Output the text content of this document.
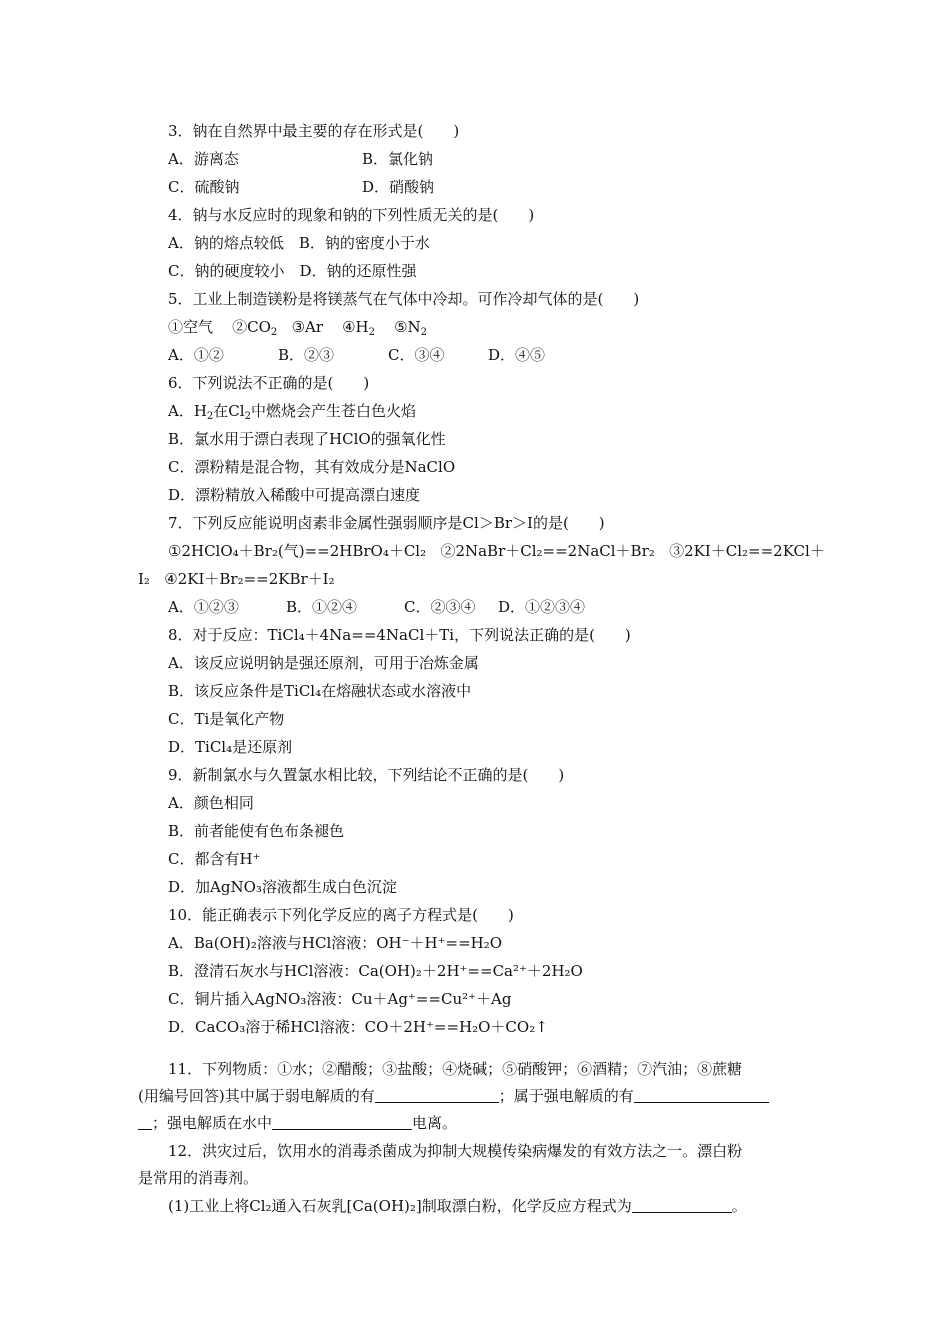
3．钠在自然界中最主要的存在形式是(　　)
A．游离态	B．氯化钠
C．硫酸钠	D．硝酸钠
4．钠与水反应时的现象和钠的下列性质无关的是(　　)
A．钠的熔点较低　B．钠的密度小于水
C．钠的硬度较小　D．钠的还原性强
5．工业上制造镁粉是将镁蒸气在气体中冷却。可作冷却气体的是(　　)
①空气 $②CO_2$ ③Ar $④H_2$ $⑤N_2$
A．①②	B．②③	C．③④	D．④⑤
6．下列说法不正确的是(　　)
A．$H_2$在$Cl_2$中燃烧会产生苍白色火焰
B．氯水用于漂白表现了HClO的强氧化性
C．漂粉精是混合物，其有效成分是NaClO
D．漂粉精放入稀酸中可提高漂白速度
7．下列反应能说明卤素非金属性强弱顺序是Cl＞Br＞I的是(　　)
①2HClO₄＋Br₂(气)==2HBrO₄＋Cl₂ ②2NaBr＋Cl₂==2NaCl＋Br₂ ③2KI＋Cl₂==2KCl＋
I₂ ④2KI＋Br₂==2KBr＋I₂
A．①②③	B．①②④	C．②③④ D．①②③④
8．对于反应：TiCl₄＋4Na==4NaCl＋Ti，下列说法正确的是(　　)
A．该反应说明钠是强还原剂，可用于冶炼金属
B．该反应条件是TiCl₄在熔融状态或水溶液中
C．Ti是氧化产物
D．TiCl₄是还原剂
9．新制氯水与久置氯水相比较，下列结论不正确的是(　　)
A．颜色相同
B．前者能使有色布条褪色
C．都含有H⁺
D．加AgNO₃溶液都生成白色沉淀
10．能正确表示下列化学反应的离子方程式是(　　)
A．Ba(OH)₂溶液与HCl溶液：OH⁻＋H⁺==H₂O
B．澄清石灰水与HCl溶液：Ca(OH)₂＋2H⁺==Ca²⁺＋2H₂O
C．铜片插入AgNO₃溶液：Cu＋Ag⁺==Cu²⁺＋Ag
D．CaCO₃溶于稀HCl溶液：CO＋2H⁺==H₂O＋CO₂↑
11．下列物质：①水；②醋酸；③盐酸；④烧碱；⑤硝酸钾；⑥酒精；⑦汽油；⑧蔗糖
(用编号回答)其中属于弱电解质的有	；属于强电解质的有
；强电解质在水中	电离。
12．洪灾过后，饮用水的消毒杀菌成为抑制大规模传染病爆发的有效方法之一。漂白粉
是常用的消毒剂。
(1)工业上将Cl₂通入石灰乳[Ca(OH)₂]制取漂白粉，化学反应方程式为	。
